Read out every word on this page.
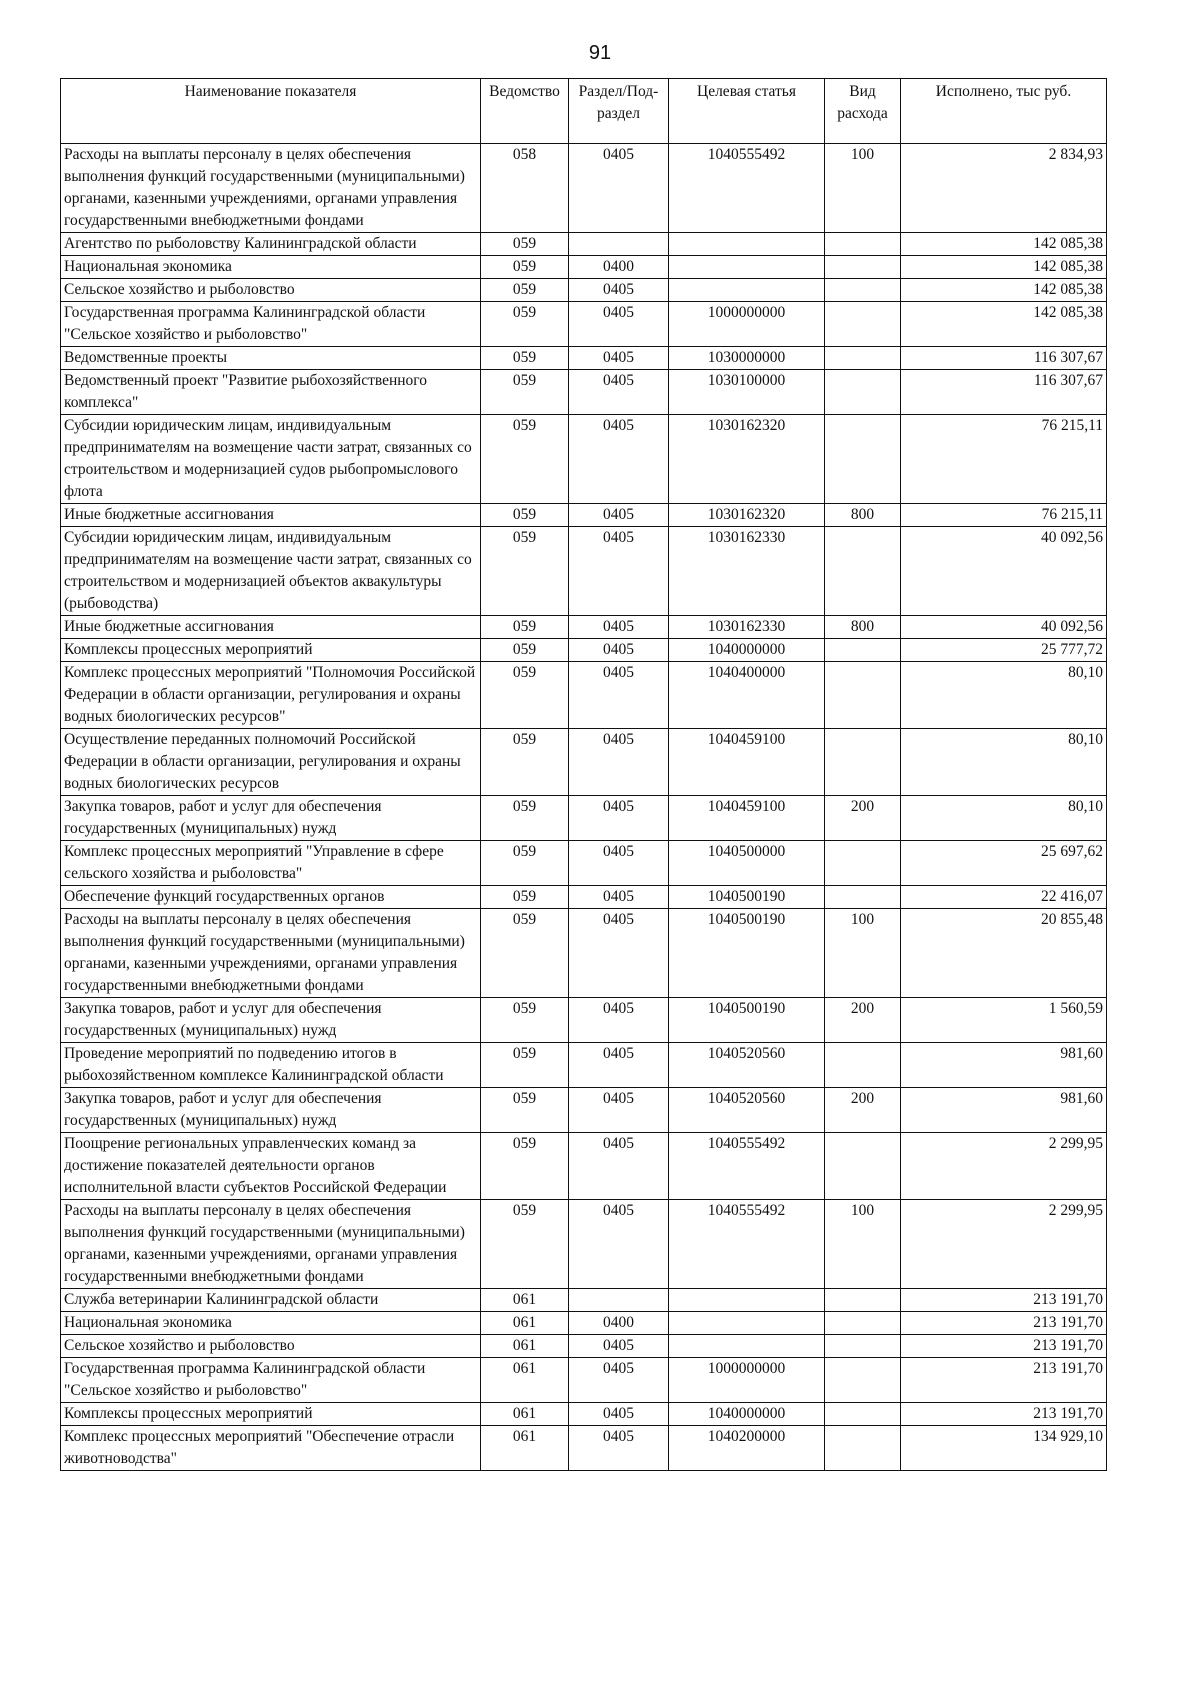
91
Наименование показателя	Ведомство	Раздел/Под-раздел	Целевая статья	Вид расхода	Исполнено, тыс руб.
Расходы на выплаты персоналу в целях обеспечения выполнения функций государственными (муниципальными) органами, казенными учреждениями, органами управления государственными внебюджетными фондами	058	0405	1040555492	100	2 834,93
Агентство по рыболовству Калининградской области	059				142 085,38
Национальная экономика	059	0400			142 085,38
Сельское хозяйство и рыболовство	059	0405			142 085,38
Государственная программа Калининградской области "Сельское хозяйство и рыболовство"	059	0405	1000000000		142 085,38
Ведомственные проекты	059	0405	1030000000		116 307,67
Ведомственный проект "Развитие рыбохозяйственного комплекса"	059	0405	1030100000		116 307,67
Субсидии юридическим лицам, индивидуальным предпринимателям на возмещение части затрат, связанных со строительством и модернизацией судов рыбопромыслового флота	059	0405	1030162320		76 215,11
Иные бюджетные ассигнования	059	0405	1030162320	800	76 215,11
Субсидии юридическим лицам, индивидуальным предпринимателям на возмещение части затрат, связанных со строительством и модернизацией объектов аквакультуры (рыбоводства)	059	0405	1030162330		40 092,56
Иные бюджетные ассигнования	059	0405	1030162330	800	40 092,56
Комплексы процессных мероприятий	059	0405	1040000000		25 777,72
Комплекс процессных мероприятий "Полномочия Российской Федерации в области организации, регулирования и охраны водных биологических ресурсов"	059	0405	1040400000		80,10
Осуществление переданных полномочий Российской Федерации в области организации, регулирования и охраны водных биологических ресурсов	059	0405	1040459100		80,10
Закупка товаров, работ и услуг для обеспечения государственных (муниципальных) нужд	059	0405	1040459100	200	80,10
Комплекс процессных мероприятий "Управление в сфере сельского хозяйства и рыболовства"	059	0405	1040500000		25 697,62
Обеспечение функций государственных органов	059	0405	1040500190		22 416,07
Расходы на выплаты персоналу в целях обеспечения выполнения функций государственными (муниципальными) органами, казенными учреждениями, органами управления государственными внебюджетными фондами	059	0405	1040500190	100	20 855,48
Закупка товаров, работ и услуг для обеспечения государственных (муниципальных) нужд	059	0405	1040500190	200	1 560,59
Проведение мероприятий по подведению итогов в рыбохозяйственном комплексе Калининградской области	059	0405	1040520560		981,60
Закупка товаров, работ и услуг для обеспечения государственных (муниципальных) нужд	059	0405	1040520560	200	981,60
Поощрение региональных управленческих команд за достижение показателей деятельности органов исполнительной власти субъектов Российской Федерации	059	0405	1040555492		2 299,95
Расходы на выплаты персоналу в целях обеспечения выполнения функций государственными (муниципальными) органами, казенными учреждениями, органами управления государственными внебюджетными фондами	059	0405	1040555492	100	2 299,95
Служба ветеринарии Калининградской области	061				213 191,70
Национальная экономика	061	0400			213 191,70
Сельское хозяйство и рыболовство	061	0405			213 191,70
Государственная программа Калининградской области "Сельское хозяйство и рыболовство"	061	0405	1000000000		213 191,70
Комплексы процессных мероприятий	061	0405	1040000000		213 191,70
Комплекс процессных мероприятий "Обеспечение отрасли животноводства"	061	0405	1040200000		134 929,10
